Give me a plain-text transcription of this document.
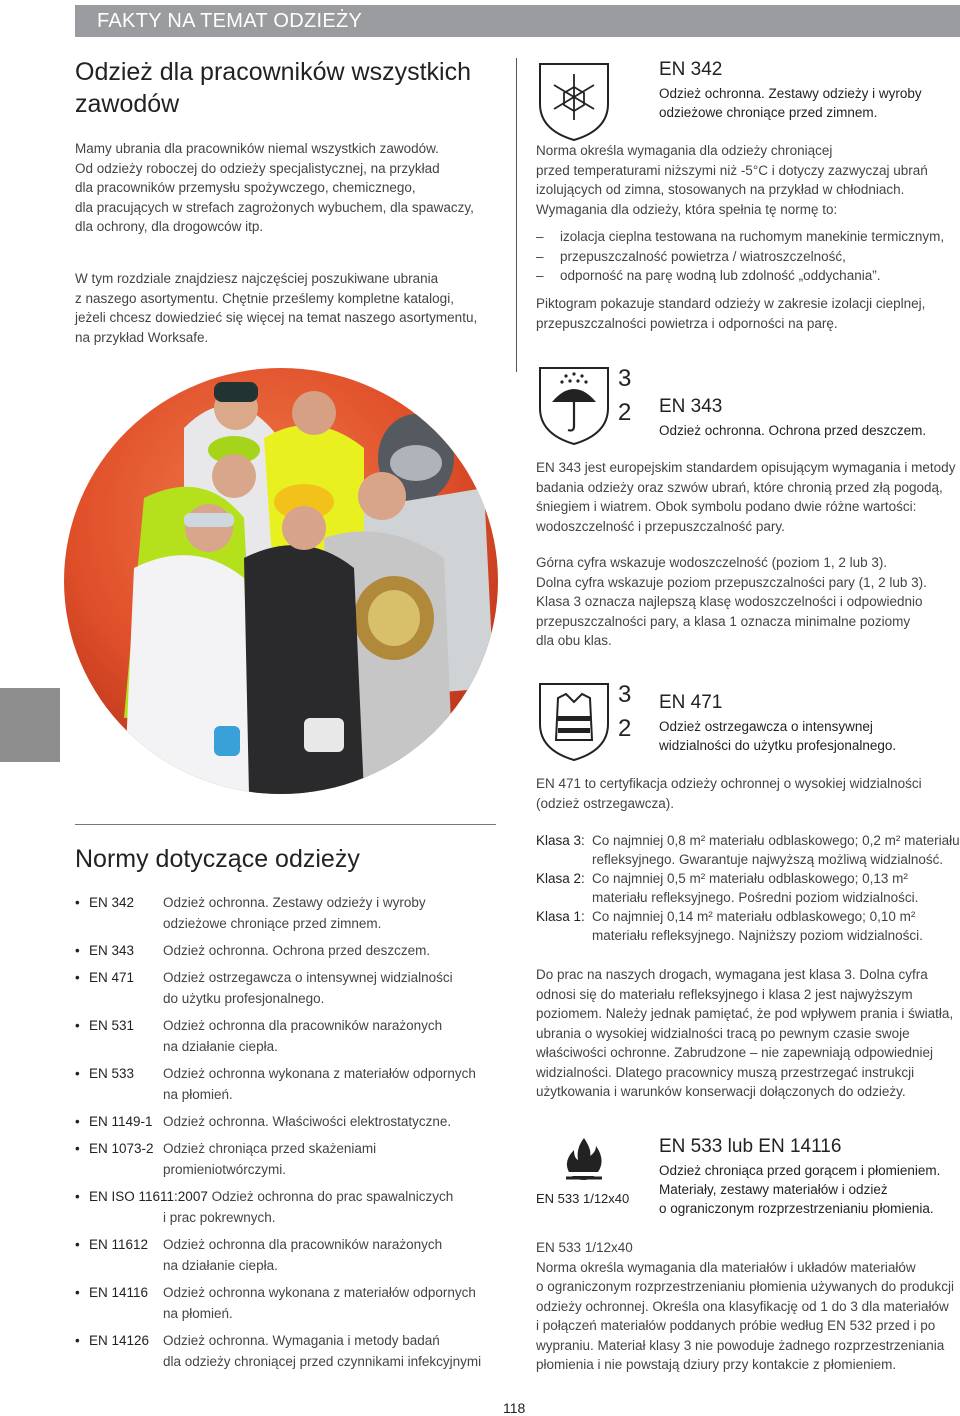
FAKTY NA TEMAT ODZIEŻY
Odzież dla pracowników wszystkich
zawodów

Mamy ubrania dla pracowników niemal wszystkich zawodów.

Od odzieży roboczej do odzieży specjalistycznej, na przykład

dla pracowników przemysłu spożywczego, chemicznego,

dla pracujących w strefach zagrożonych wybuchem, dla spawaczy,

dla ochrony, dla drogowców itp.

W tym rozdziale znajdziesz najczęściej poszukiwane ubrania

z naszego asortymentu. Chętnie prześlemy kompletne katalogi,

jeżeli chcesz dowiedzieć się więcej na temat naszego asortymentu,

na przykład Worksafe.

Normy dotyczące odzieży
• EN 342	Odzież ochronna. Zestawy odzieży i wyroby
odzieżowe chroniące przed zimnem.
• EN 343	Odzież ochronna. Ochrona przed deszczem.
• EN 471	Odzież ostrzegawcza o intensywnej widzialności
do użytku profesjonalnego.
• EN 531	Odzież ochronna dla pracowników narażonych
na działanie ciepła.
• EN 533	Odzież ochronna wykonana z materiałów odpornych
na płomień.
• EN 1149-1 Odzież ochronna. Właściwości elektrostatyczne.
• EN 1073-2 Odzież chroniąca przed skażeniami
promieniotwórczymi.
• EN ISO 11611:2007 Odzież ochronna do prac spawalniczych
i prac pokrewnych.
• EN 11612	Odzież ochronna dla pracowników narażonych
na działanie ciepła.
• EN 14116	Odzież ochronna wykonana z materiałów odpornych
na płomień.
• EN 14126	Odzież ochronna. Wymagania i metody badań
dla odzieży chroniącej przed czynnikami infekcyjnymi
EN 342
Odzież ochronna. Zestawy odzieży i wyroby
odzieżowe chroniące przed zimnem.

Norma określa wymagania dla odzieży chroniącej

przed temperaturami niższymi niż -5°C i dotyczy zazwyczaj ubrań

izolujących od zimna, stosowanych na przykład w chłodniach.

Wymagania dla odzieży, która spełnia tę normę to:

– izolacja cieplna testowana na ruchomym manekinie termicznym,
– przepuszczalność powietrza / wiatroszczelność,
– odporność na parę wodną lub zdolność „oddychania”.

Piktogram pokazuje standard odzieży w zakresie izolacji cieplnej,

przepuszczalności powietrza i odporności na parę.

3
2 EN 343
Odzież ochronna. Ochrona przed deszczem.

EN 343 jest europejskim standardem opisującym wymagania i metody

badania odzieży oraz szwów ubrań, które chronią przed złą pogodą,

śniegiem i wiatrem. Obok symbolu podano dwie różne wartości:

wodoszczelność i przepuszczalność pary.

Górna cyfra wskazuje wodoszczelność (poziom 1, 2 lub 3).

Dolna cyfra wskazuje poziom przepuszczalności pary (1, 2 lub 3).

Klasa 3 oznacza najlepszą klasę wodoszczelności i odpowiednio

przepuszczalności pary, a klasa 1 oznacza minimalne poziomy

dla obu klas.

3
2
EN 471
Odzież ostrzegawcza o intensywnej
widzialności do użytku profesjonalnego.

EN 471 to certyfikacja odzieży ochronnej o wysokiej widzialności

(odzież ostrzegawcza).

Klasa 3: Co najmniej 0,8 m² materiału odblaskowego; 0,2 m² materiału
refleksyjnego. Gwarantuje najwyższą możliwą widzialność.
Klasa 2: Co najmniej 0,5 m² materiału odblaskowego; 0,13 m²
materiału refleksyjnego. Pośredni poziom widzialności.
Klasa 1: Co najmniej 0,14 m² materiału odblaskowego; 0,10 m²
materiału refleksyjnego. Najniższy poziom widzialności.

Do prac na naszych drogach, wymagana jest klasa 3. Dolna cyfra

odnosi się do materiału refleksyjnego i klasa 2 jest najwyższym

poziomem. Należy jednak pamiętać, że pod wpływem prania i światła,

ubrania o wysokiej widzialności tracą po pewnym czasie swoje

właściwości ochronne. Zabrudzone – nie zapewniają odpowiedniej

widzialności. Dlatego pracownicy muszą przestrzegać instrukcji

użytkowania i warunków konserwacji dołączonych do odzieży.

EN 533 1/12x40
EN 533 lub EN 14116
Odzież chroniąca przed gorącem i płomieniem.
Materiały, zestawy materiałów i odzież
o ograniczonym rozprzestrzenianiu płomienia.

EN 533 1/12x40

Norma określa wymagania dla materiałów i układów materiałów

o ograniczonym rozprzestrzenianiu płomienia używanych do produkcji

odzieży ochronnej. Określa ona klasyfikację od 1 do 3 dla materiałów

i połączeń materiałów poddanych próbie według EN 532 przed i po

wypraniu. Materiał klasy 3 nie powoduje żadnego rozprzestrzeniania

płomienia i nie powstają dziury przy kontakcie z płomieniem.

118
